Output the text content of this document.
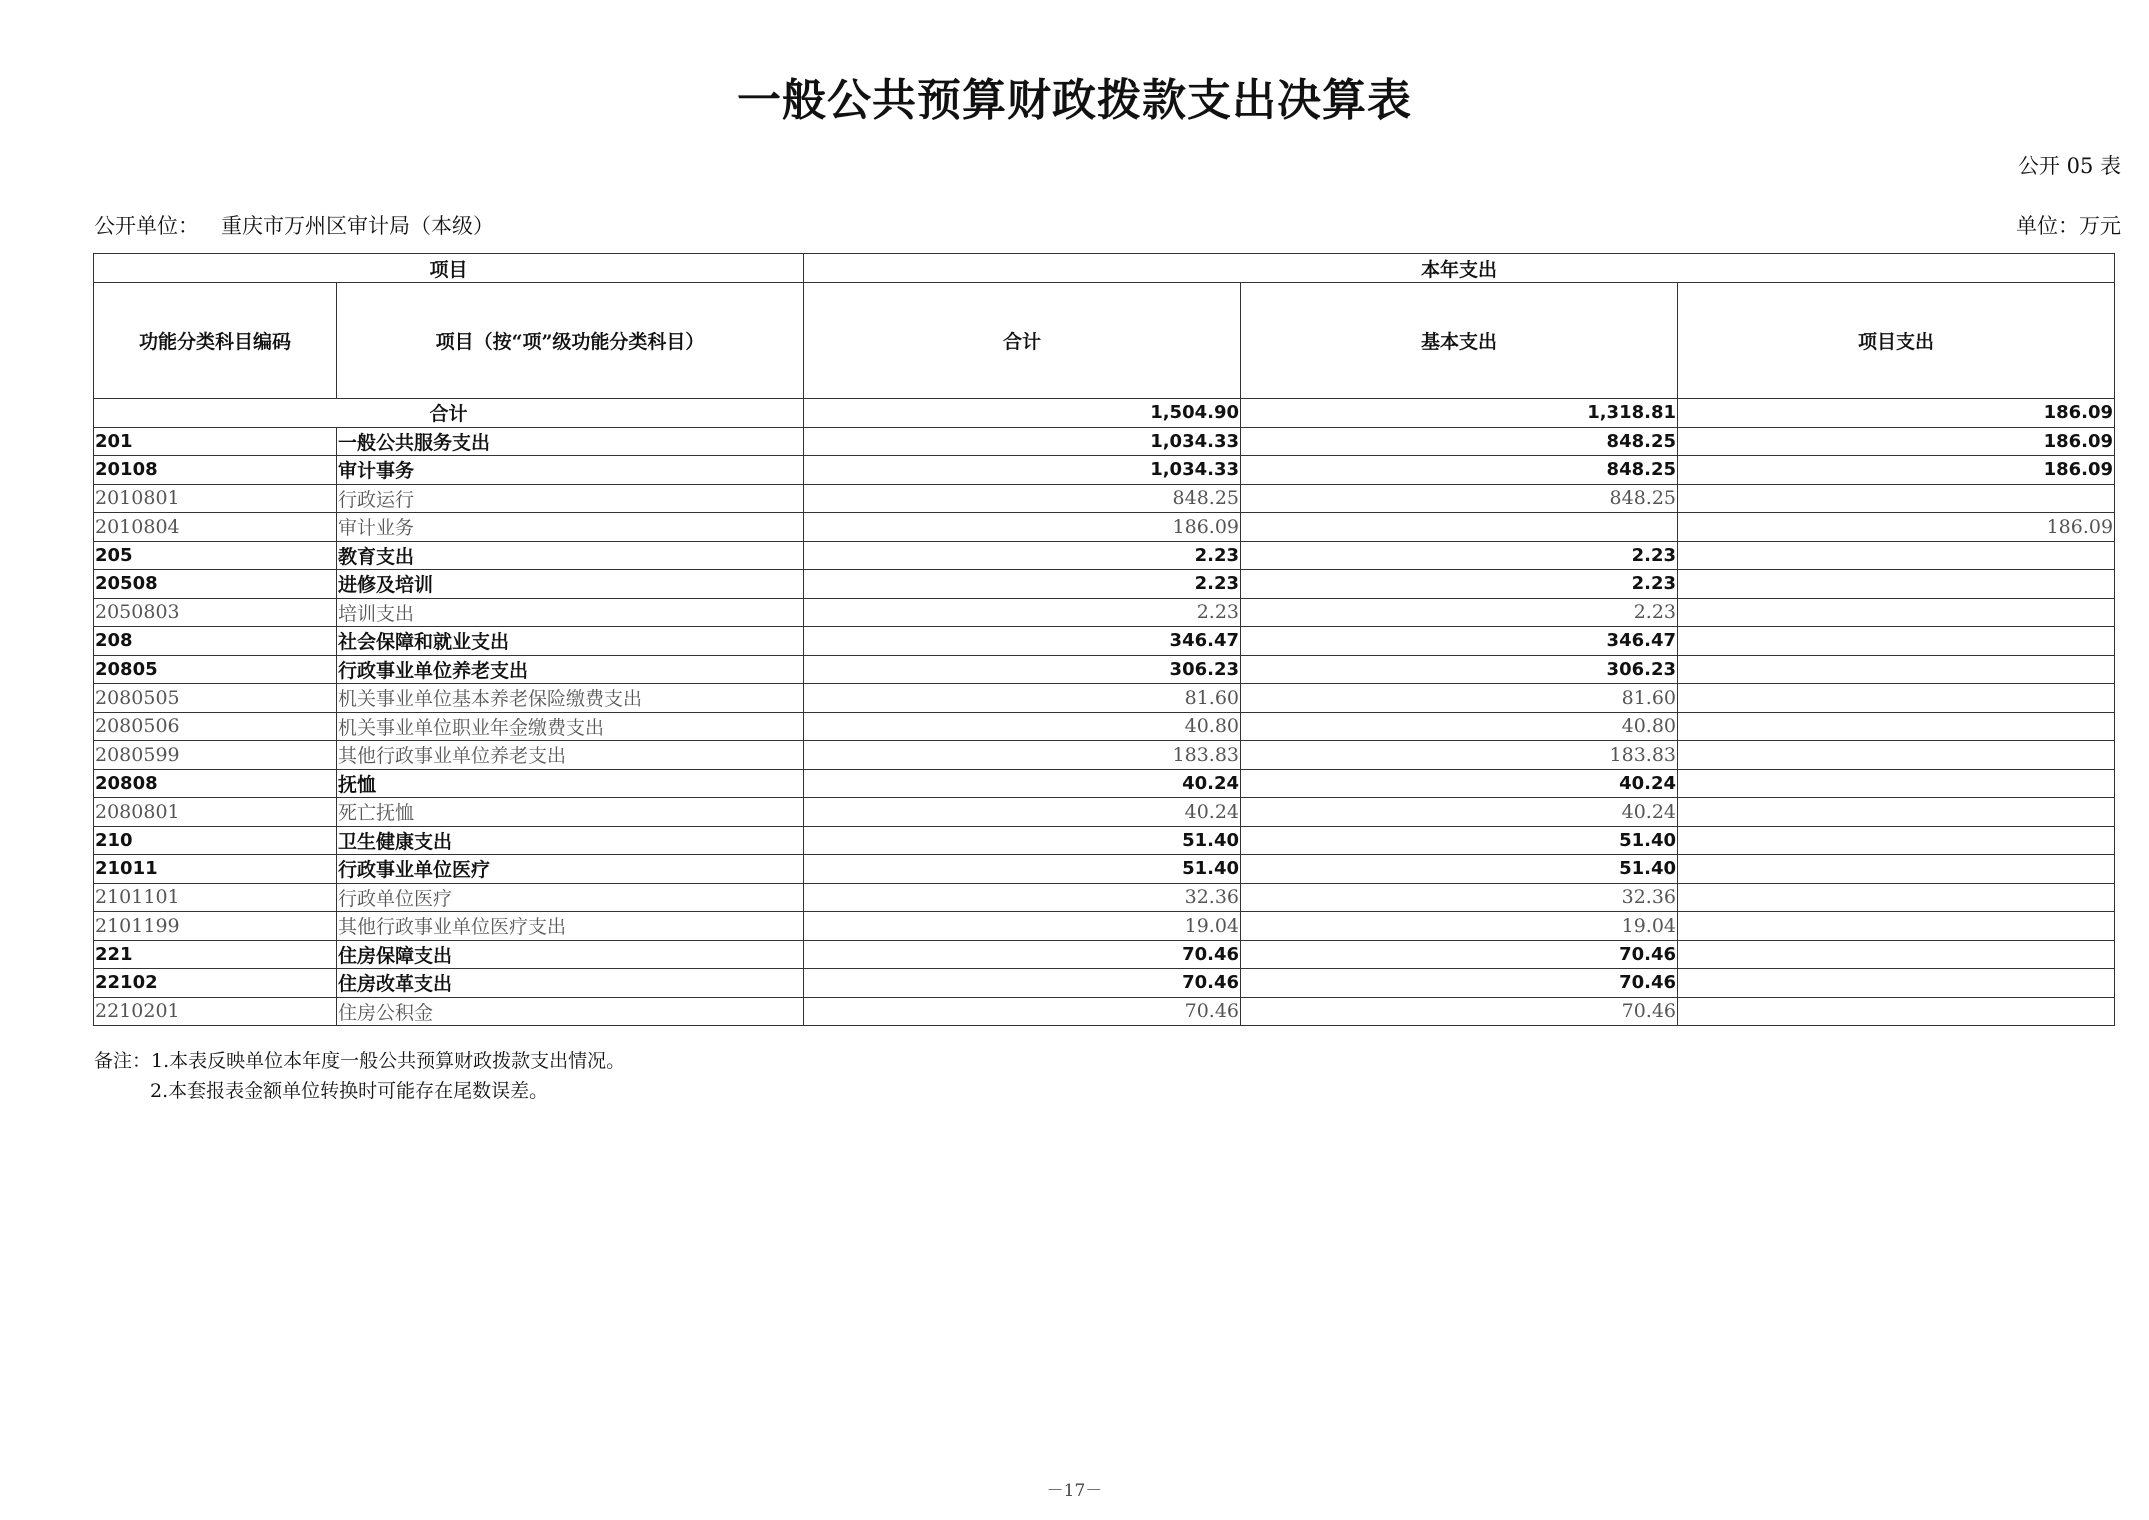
一般公共预算财政拨款支出决算表
公开 05 表
公开单位： 重庆市万州区审计局（本级）	单位：万元
项目		本年支出		
功能分类科目编码	项目（按“项”级功能分类科目）	合计	基本支出	项目支出
合计		1,504.90	1,318.81	186.09
201	一般公共服务支出	1,034.33	848.25	186.09
20108	审计事务	1,034.33	848.25	186.09
2010801	行政运行	848.25	848.25	
2010804	审计业务	186.09		186.09
205	教育支出	2.23	2.23	
20508	进修及培训	2.23	2.23	
2050803	培训支出	2.23	2.23	
208	社会保障和就业支出	346.47	346.47	
20805	行政事业单位养老支出	306.23	306.23	
2080505	机关事业单位基本养老保险缴费支出	81.60	81.60	
2080506	机关事业单位职业年金缴费支出	40.80	40.80	
2080599	其他行政事业单位养老支出	183.83	183.83	
20808	抚恤	40.24	40.24	
2080801	死亡抚恤	40.24	40.24	
210	卫生健康支出	51.40	51.40	
21011	行政事业单位医疗	51.40	51.40	
2101101	行政单位医疗	32.36	32.36	
2101199	其他行政事业单位医疗支出	19.04	19.04	
221	住房保障支出	70.46	70.46	
22102	住房改革支出	70.46	70.46	
2210201	住房公积金	70.46	70.46	
备注：1.本表反映单位本年度一般公共预算财政拨款支出情况。
2.本套报表金额单位转换时可能存在尾数误差。
－17－
